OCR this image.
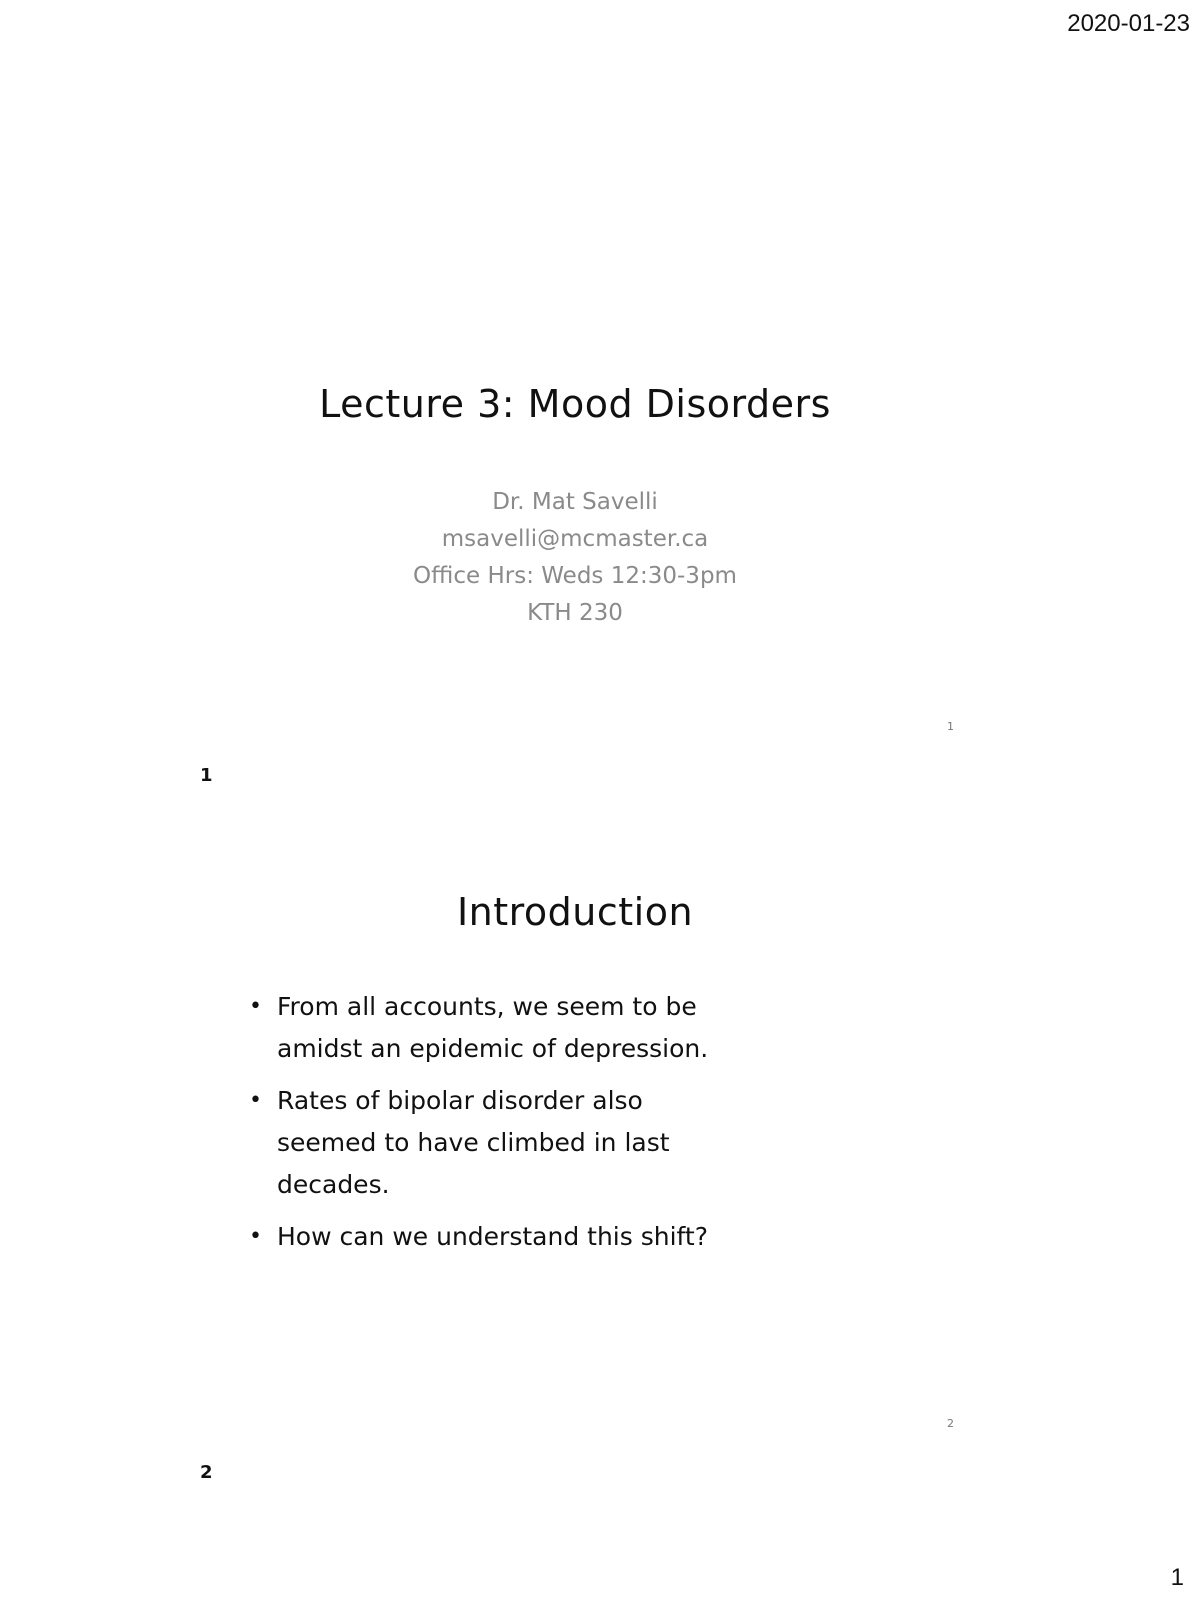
2020-01-23
Lecture 3: Mood Disorders
Dr. Mat Savelli
msavelli@mcmaster.ca
Office Hrs: Weds 12:30-3pm
KTH 230
1
1
Introduction
• From all accounts, we seem to be amidst an epidemic of depression.
• Rates of bipolar disorder also seemed to have climbed in last decades.
• How can we understand this shift?
2
2
1
